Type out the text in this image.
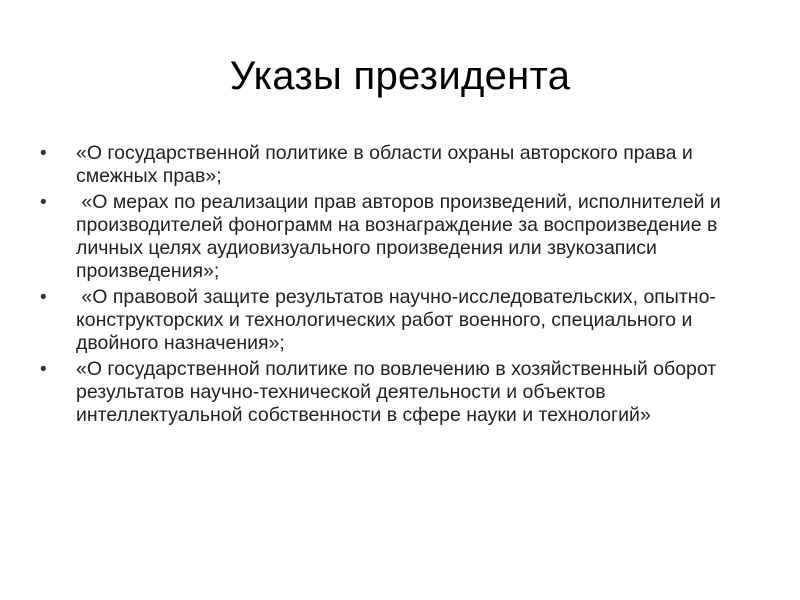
Указы президента
•	«О государственной политике в области охраны авторского права и смежных прав»;
•	«О мерах по реализации прав авторов произведений, исполнителей и производителей фонограмм на вознаграждение за воспроизведение в личных целях аудиовизуального произведения или звукозаписи произведения»;
•	«О правовой защите результатов научно-исследовательских, опытно-конструкторских и технологических работ военного, специального и двойного назначения»;
•	«О государственной политике по вовлечению в хозяйственный оборот результатов научно-технической деятельности и объектов интеллектуальной собственности в сфере науки и технологий»
